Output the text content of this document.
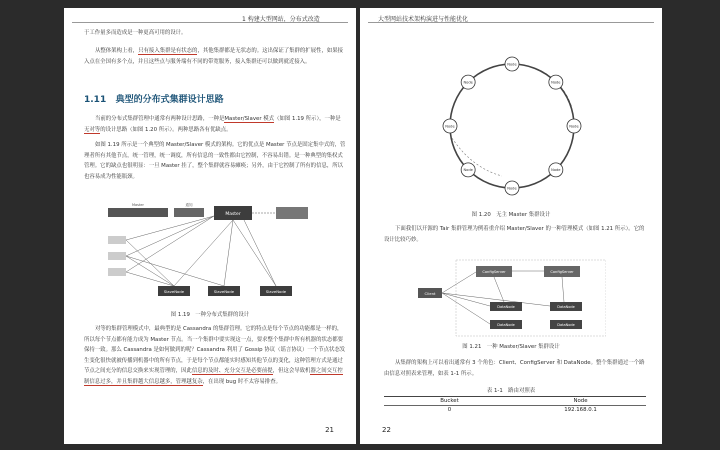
1 构建大型网站，分布式改造
于工作量多而造成是一种更高可用的设计。
从整体架构上看，只有接入集群是有状态的，其他集群都是无状态的。这出保证了集群的扩展性，如果接入点在全国有多个点，并且这些点与服务端有不同的带宽服务，接入集群还可以做到就近接入。
1.11 典型的分布式集群设计思路
当前的分布式集群管理中通常有两种设计思路，一种是Master/Slaver 模式（如图 1.19 所示），一种是无对等的设计思路（如图 1.20 所示）。两种思路各有优缺点。
如图 1.19 所示是一个典型的 Master/Slaver 模式的架构。它的优点是 Master 节点是固定集中式的，管理者所有其他节点，统一管理，统一调度，所有信息的一致性都由它控制，不容易出错。是一种典型的集权式管理。它的缺点也很明显：一旦 Master 挂了，整个集群就容易瘫痪；另外，由于它控制了所有的信息，所以也容易成为性能瓶颈。
Master
Master	通知
SlaveNode	SlaveNode	SlaveNode
图 1.19　一种分布式集群的设计
对等的集群管理模式中，最典型的是 Cassandra 的集群管理。它的特点是每个节点的功能都是一样的，所以每个节点都有能力成为 Master 节点。当一个集群中要实现这一点，要求整个集群中所有机器的状态都要保持一致。那么 Cassandra 是如何做到的呢？Cassandra 利用了 Gossip 协议（谣言协议）一个节点状态发生变化很快就被传播到机器中的所有节点，于是每个节点都能实时感知其他节点的变化，这种管理方式是通过节点之间充分的信息交换来实现管理的，因此信息的及时、充分交互是必要前提，但这会导致机器之间交互控制信息过多，并且集群越大信息越多，管理越复杂，在出现 bug 时不太容易排查。
21
大型网站技术架构演进与性能优化
Node
Node
Node
Node
Node
Node
Node
Node
图 1.20　无主 Master 集群设计
下面我们以开源的 Tair 集群管理为例着重介绍 Master/Slaver 的一种管理模式（如图 1.21 所示）。它的设计比较巧妙。
Client
ConfigServer	ConfigServer
DataNode	DataNode
DataNode	DataNode
图 1.21　一种 Master/Slaver 集群设计
从集群的架构上可以看出通常有 3 个角色：Client、ConfigServer 和 DataNode。整个集群通过一个路由信息对照表来管理，如表 1-1 所示。
表 1-1　路由对照表
Bucket	Node
0	192.168.0.1
22
